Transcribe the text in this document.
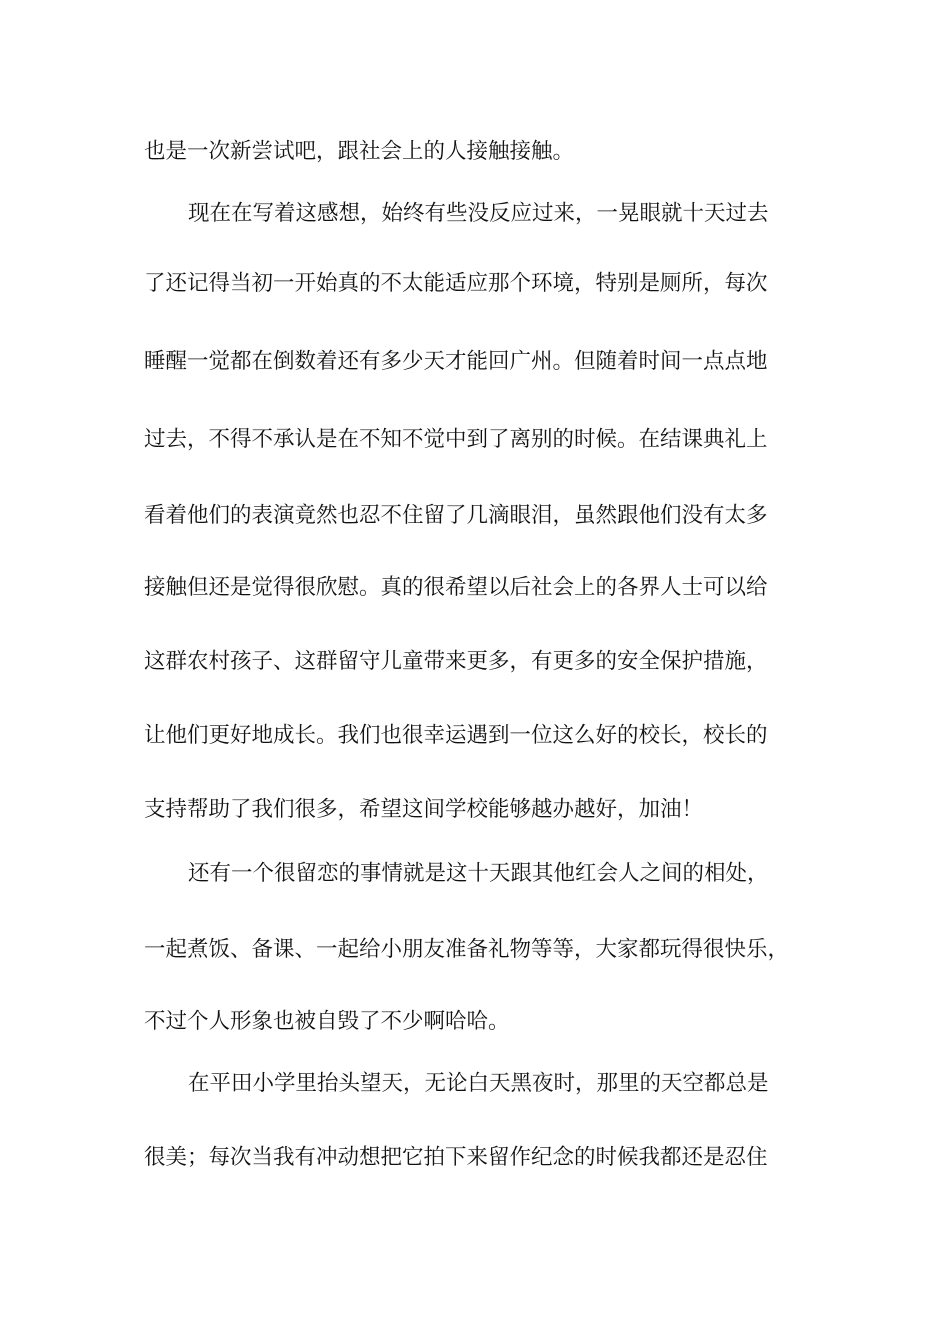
也是一次新尝试吧，跟社会上的人接触接触。
现在在写着这感想，始终有些没反应过来，一晃眼就十天过去
了还记得当初一开始真的不太能适应那个环境，特别是厕所，每次
睡醒一觉都在倒数着还有多少天才能回广州。但随着时间一点点地
过去，不得不承认是在不知不觉中到了离别的时候。在结课典礼上
看着他们的表演竟然也忍不住留了几滴眼泪，虽然跟他们没有太多
接触但还是觉得很欣慰。真的很希望以后社会上的各界人士可以给
这群农村孩子、这群留守儿童带来更多，有更多的安全保护措施，
让他们更好地成长。我们也很幸运遇到一位这么好的校长，校长的
支持帮助了我们很多，希望这间学校能够越办越好，加油！
还有一个很留恋的事情就是这十天跟其他红会人之间的相处，
一起煮饭、备课、一起给小朋友准备礼物等等，大家都玩得很快乐，
不过个人形象也被自毁了不少啊哈哈。
在平田小学里抬头望天，无论白天黑夜时，那里的天空都总是
很美；每次当我有冲动想把它拍下来留作纪念的时候我都还是忍住
